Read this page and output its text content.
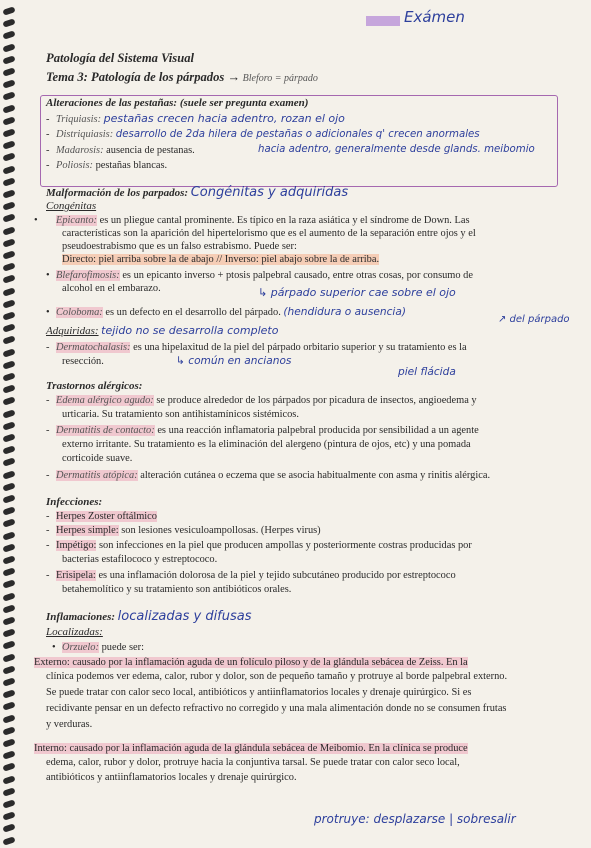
Exámen
Patología del Sistema Visual
Tema 3: Patología de los párpados → Bleforo = párpado
Alteraciones de las pestañas: (suele ser pregunta examen)
- Triquiasis: pestañas crecen hacia adentro, rozan el ojo
- Distriquiasis: desarrollo de 2da hilera de pestañas o adicionales q' crecen anormales
hacia adentro, generalmente desde glands. meibomio
- Madarosis: ausencia de pestanas.
- Poliosis: pestañas blancas.
Malformación de los parpados: Congénitas y adquiridas
Congénitas
• Epicanto: es un pliegue cantal prominente. Es típico en la raza asiática y el síndrome de Down. Las
características son la aparición del hipertelorismo que es el aumento de la separación entre ojos y el
pseudoestrabismo que es un falso estrabismo. Puede ser:
Directo: piel arriba sobre la de abajo // Inverso: piel abajo sobre la de arriba.
• Blefarofimosis: es un epicanto inverso + ptosis palpebral causado, entre otras cosas, por consumo de
alcohol en el embarazo.	↳ párpado superior cae sobre el ojo
• Coloboma: es un defecto en el desarrollo del párpado. (hendidura o ausencia)
↗ del párpado
Adquiridas: tejido no se desarrolla completo
- Dermatochalasis: es una hipelaxitud de la piel del párpado orbitario superior y su tratamiento es la
resección.	↳ común en ancianos
piel flácida
Trastornos alérgicos:
- Edema alérgico agudo: se produce alrededor de los párpados por picadura de insectos, angioedema y
urticaria. Su tratamiento son antihistamínicos sistémicos.
- Dermatitis de contacto: es una reacción inflamatoria palpebral producida por sensibilidad a un agente
externo irritante. Su tratamiento es la eliminación del alergeno (pintura de ojos, etc) y una pomada
corticoide suave.
- Dermatitis atópica: alteración cutánea o eczema que se asocia habitualmente con asma y rinitis alérgica.
Infecciones:
- Herpes Zoster oftálmico
- Herpes simple: son lesiones vesiculoampollosas. (Herpes virus)
- Impétigo: son infecciones en la piel que producen ampollas y posteriormente costras producidas por
bacterias estafilococo y estreptococo.
- Erisipela: es una inflamación dolorosa de la piel y tejido subcutáneo producido por estreptococo
betahemolítico y su tratamiento son antibióticos orales.
Inflamaciones: localizadas y difusas
Localizadas:
• Orzuelo: puede ser:
Externo: causado por la inflamación aguda de un folículo piloso y de la glándula sebácea de Zeiss. En la
clínica podemos ver edema, calor, rubor y dolor, son de pequeño tamaño y protruye al borde palpebral externo.
Se puede tratar con calor seco local, antibióticos y antiinflamatorios locales y drenaje quirúrgico. Si es
recidivante pensar en un defecto refractivo no corregido y una mala alimentación donde no se consumen frutas
y verduras.
Interno: causado por la inflamación aguda de la glándula sebácea de Meibomio. En la clínica se produce
edema, calor, rubor y dolor, protruye hacia la conjuntiva tarsal. Se puede tratar con calor seco local,
antibióticos y antiinflamatorios locales y drenaje quirúrgico.
protruye: desplazarse | sobresalir
